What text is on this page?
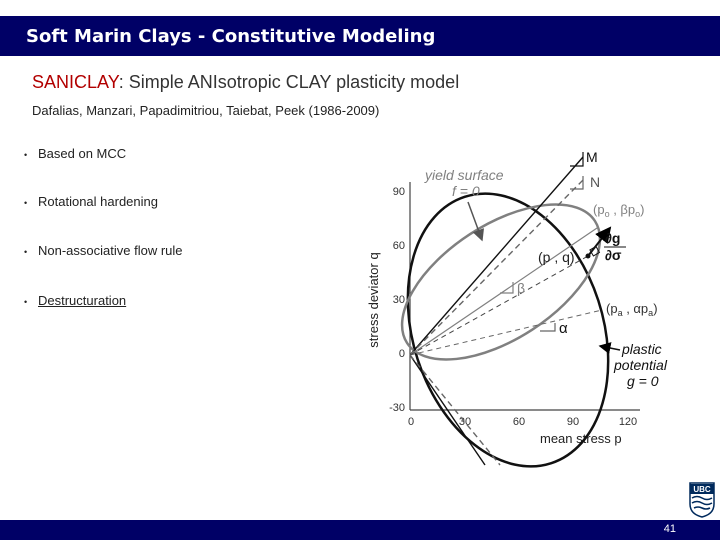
Soft Marin Clays - Constitutive Modeling
SANICLAY: Simple ANIsotropic CLAY plasticity model
Dafalias, Manzari, Papadimitriou, Taiebat, Peek (1986-2009)
• Based on MCC
• Rotational hardening
• Non-associative flow rule
• Destructuration
90
60
30
0
-30
0	30	60	90	120
stress deviator q
mean stress p
M
N
yield surface
f = 0
($p_o$ , $\beta p_o$)
(p , q)
∂g
∂σ
β
($p_a$ , $\alpha p_a$)
α
plastic
potential
g = 0
UBC
41
